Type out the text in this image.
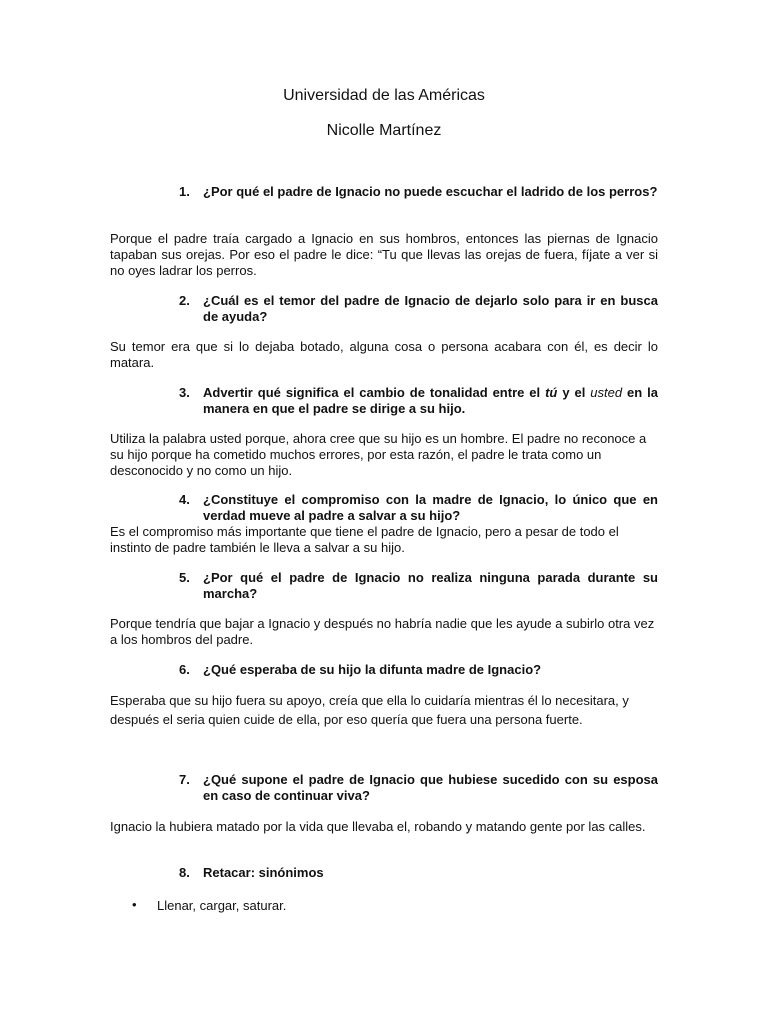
Universidad de las Américas
Nicolle Martínez
1.	¿Por qué el padre de Ignacio no puede escuchar el ladrido de los perros?
Porque el padre traía cargado a Ignacio en sus hombros, entonces las piernas de Ignacio tapaban sus orejas. Por eso el padre le dice: “Tu que llevas las orejas de fuera, fíjate a ver si no oyes ladrar los perros.
2.	¿Cuál es el temor del padre de Ignacio de dejarlo solo para ir en busca de ayuda?
Su temor era que si lo dejaba botado, alguna cosa o persona acabara con él, es decir lo matara.
3.	Advertir qué significa el cambio de tonalidad entre el tú y el usted en la manera en que el padre se dirige a su hijo.
Utiliza la palabra usted porque, ahora cree que su hijo es un hombre. El padre no reconoce a su hijo porque ha cometido muchos errores, por esta razón, el padre le trata como un desconocido y no como un hijo.
4.	¿Constituye el compromiso con la madre de Ignacio, lo único que en verdad mueve al padre a salvar a su hijo?
Es el compromiso más importante que tiene el padre de Ignacio, pero a pesar de todo el instinto de padre también le lleva a salvar a su hijo.
5.	¿Por qué el padre de Ignacio no realiza ninguna parada durante su marcha?
Porque tendría que bajar a Ignacio y después no habría nadie que les ayude a subirlo otra vez a los hombros del padre.
6.	¿Qué esperaba de su hijo la difunta madre de Ignacio?
Esperaba que su hijo fuera su apoyo, creía que ella lo cuidaría mientras él lo necesitara, y después el seria quien cuide de ella, por eso quería que fuera una persona fuerte.
7.	¿Qué supone el padre de Ignacio que hubiese sucedido con su esposa en caso de continuar viva?
Ignacio la hubiera matado por la vida que llevaba el, robando y matando gente por las calles.
8.	Retacar: sinónimos
• Llenar, cargar, saturar.
